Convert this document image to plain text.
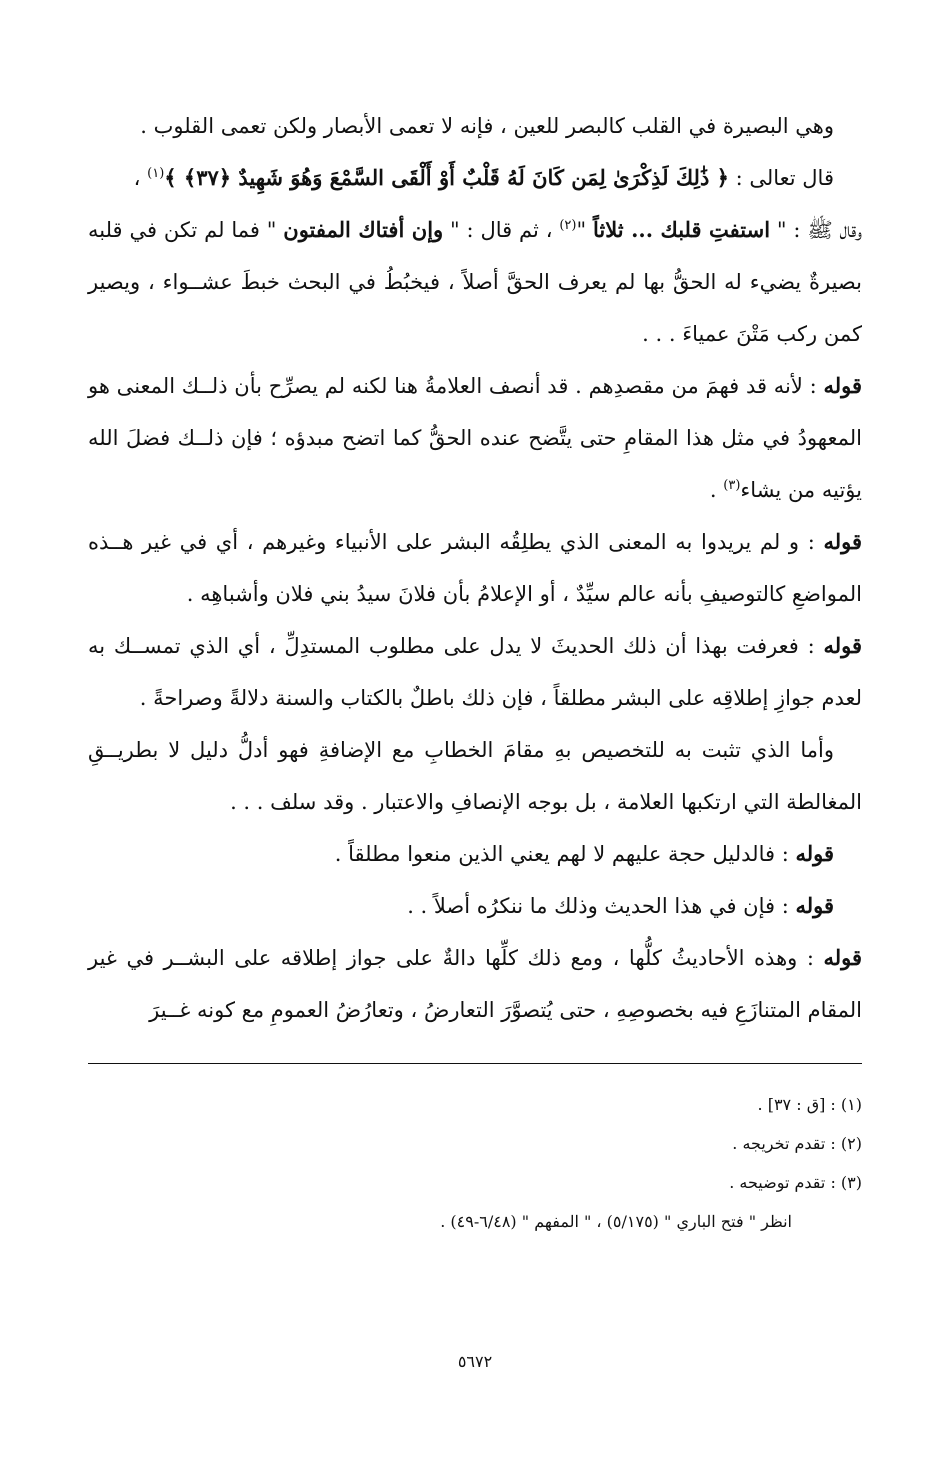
وهي البصيرة في القلب كالبصر للعين ، فإنه لا تعمى الأبصار ولكن تعمى القلوب .

قال تعالى : ﴿ ذَٰلِكَ لَذِكْرَىٰ لِمَن كَانَ لَهُ قَلْبٌ أَوْ أَلْقَى السَّمْعَ وَهُوَ شَهِيدٌ ﴿٣٧﴾ ﴾$^{(١)}$ ،

وقال ﷺ : " استفتِ قلبك ... ثلاثاً "$^{(٢)}$ ، ثم قال : " وإن أفتاك المفتون " فما لم تكن في قلبه بصيرةٌ يضيء له الحقُّ بها لم يعرف الحقَّ أصلاً ، فيخبُطُ في البحث خبطَ عشــواء ، ويصير كمن ركب مَتْنَ عمياءَ . . .

قوله : لأنه قد فهمَ من مقصدِهم . قد أنصف العلامةُ هنا لكنه لم يصرِّح بأن ذلــك المعنى هو المعهودُ في مثل هذا المقامِ حتى يتَّضح عنده الحقُّ كما اتضح مبدؤه ؛ فإن ذلــك فضلَ الله يؤتيه من يشاء$^{(٣)}$ .

قوله : و لم يريدوا به المعنى الذي يطلِقُه البشر على الأنبياء وغيرهم ، أي في غير هــذه المواضعِ كالتوصيفِ بأنه عالم سيِّدٌ ، أو الإعلامُ بأن فلانَ سيدُ بني فلان وأشباهِه .

قوله : فعرفت بهذا أن ذلك الحديثَ لا يدل على مطلوب المستدِلِّ ، أي الذي تمســك به لعدم جوازِ إطلاقِه على البشر مطلقاً ، فإن ذلك باطلٌ بالكتاب والسنة دلالةً وصراحةً .

وأما الذي تثبت به للتخصيص بهِ مقامَ الخطابِ مع الإضافةِ فهو أدلُّ دليل لا بطريــقِ المغالطة التي ارتكبها العلامة ، بل بوجه الإنصافِ والاعتبار . وقد سلف . . .

قوله : فالدليل حجة عليهم لا لهم يعني الذين منعوا مطلقاً .

قوله : فإن في هذا الحديث وذلك ما ننكرُه أصلاً . .

قوله : وهذه الأحاديثُ كلُّها ، ومع ذلك كلِّها دالةٌ على جواز إطلاقه على البشــر في غير المقام المتنازَعِ فيه بخصوصِهِ ، حتى يُتصوَّرَ التعارضُ ، وتعارُضُ العمومِ مع كونه غــيرَ

(١) : [ق : ٣٧] .

(٢) : تقدم تخريجه .

(٣) : تقدم توضيحه .

انظر " فتح الباري " (٥/١٧٥) ، " المفهم " (٦/٤٨-٤٩) .

٥٦٧٢
